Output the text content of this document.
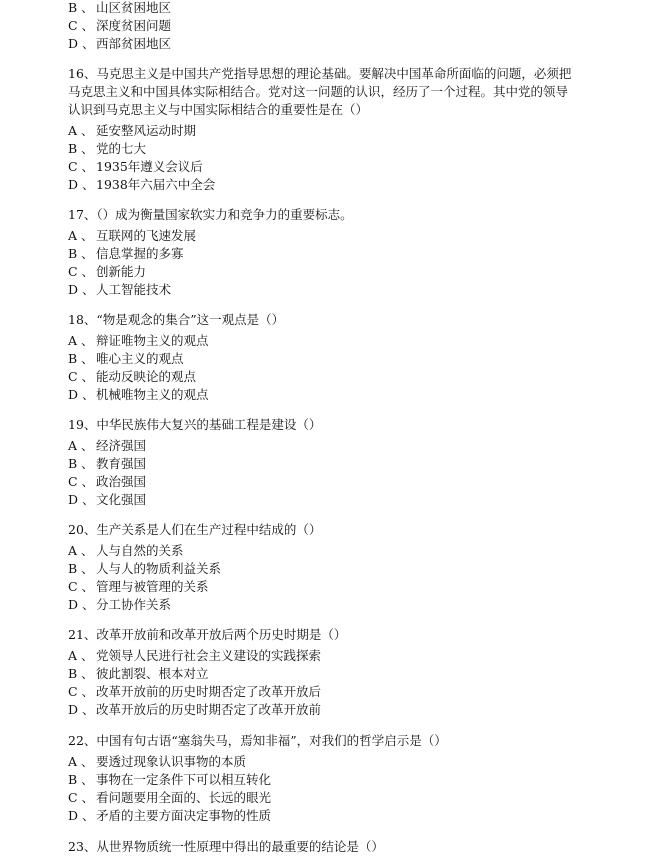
B 、 山区贫困地区
C 、 深度贫困问题
D 、 西部贫困地区
16、马克思主义是中国共产党指导思想的理论基础。要解决中国革命所面临的问题，必须把
马克思主义和中国具体实际相结合。党对这一问题的认识，经历了一个过程。其中党的领导
认识到马克思主义与中国实际相结合的重要性是在（）
A 、 延安整风运动时期
B 、 党的七大
C 、 1935年遵义会议后
D 、 1938年六届六中全会
17、（）成为衡量国家软实力和竞争力的重要标志。
A 、 互联网的飞速发展
B 、 信息掌握的多寡
C 、 创新能力
D 、 人工智能技术
18、“物是观念的集合”这一观点是（）
A 、 辩证唯物主义的观点
B 、 唯心主义的观点
C 、 能动反映论的观点
D 、 机械唯物主义的观点
19、中华民族伟大复兴的基础工程是建设（）
A 、 经济强国
B 、 教育强国
C 、 政治强国
D 、 文化强国
20、生产关系是人们在生产过程中结成的（）
A 、 人与自然的关系
B 、 人与人的物质利益关系
C 、 管理与被管理的关系
D 、 分工协作关系
21、改革开放前和改革开放后两个历史时期是（）
A 、 党领导人民进行社会主义建设的实践探索
B 、 彼此割裂、根本对立
C 、 改革开放前的历史时期否定了改革开放后
D 、 改革开放后的历史时期否定了改革开放前
22、中国有句古语“塞翁失马，焉知非福”，对我们的哲学启示是（）
A 、 要透过现象认识事物的本质
B 、 事物在一定条件下可以相互转化
C 、 看问题要用全面的、长远的眼光
D 、 矛盾的主要方面决定事物的性质
23、从世界物质统一性原理中得出的最重要的结论是（）
